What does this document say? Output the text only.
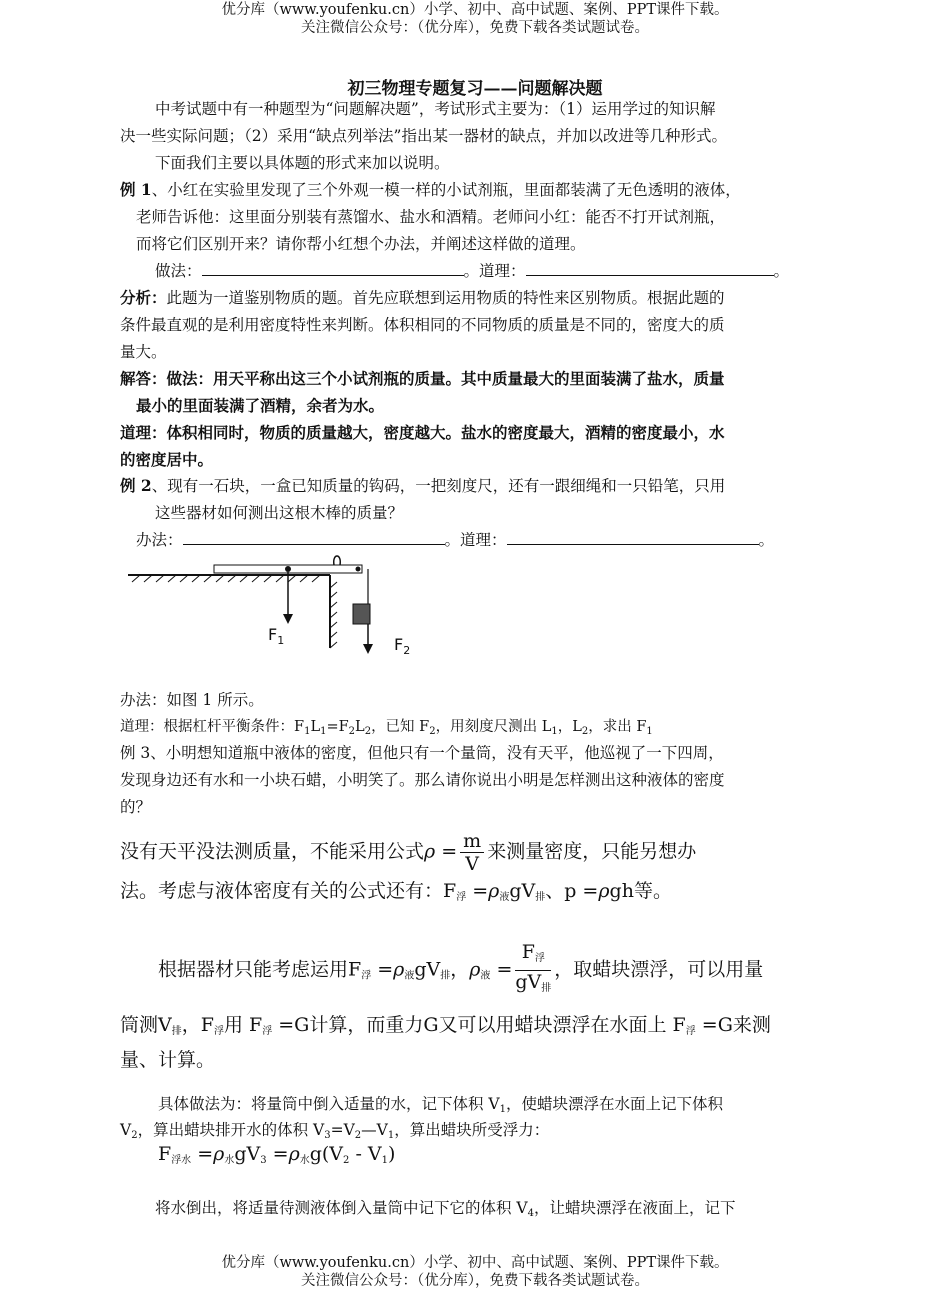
优分库（www.youfenku.cn）小学、初中、高中试题、案例、PPT课件下载。
关注微信公众号：（优分库），免费下载各类试题试卷。
初三物理专题复习——问题解决题
中考试题中有一种题型为“问题解决题”，考试形式主要为：（1）运用学过的知识解
决一些实际问题；（2）采用“缺点列举法”指出某一器材的缺点，并加以改进等几种形式。
下面我们主要以具体题的形式来加以说明。
例 1、小红在实验里发现了三个外观一模一样的小试剂瓶，里面都装满了无色透明的液体，
老师告诉他：这里面分别装有蒸馏水、盐水和酒精。老师问小红：能否不打开试剂瓶，
而将它们区别开来？请你帮小红想个办法，并阐述这样做的道理。
做法：	。道理：	。
分析：此题为一道鉴别物质的题。首先应联想到运用物质的特性来区别物质。根据此题的
条件最直观的是利用密度特性来判断。体积相同的不同物质的质量是不同的，密度大的质
量大。
解答：做法：用天平称出这三个小试剂瓶的质量。其中质量最大的里面装满了盐水，质量
最小的里面装满了酒精，余者为水。
道理：体积相同时，物质的质量越大，密度越大。盐水的密度最大，酒精的密度最小，水
的密度居中。
例 2、现有一石块，一盒已知质量的钩码，一把刻度尺，还有一跟细绳和一只铅笔，只用
这些器材如何测出这根木棒的质量？
办法：	。道理：	。
$F_1$	$F_2$
办法：如图 1 所示。
道理：根据杠杆平衡条件：$F_1L_1=F_2L_2$，已知 $F_2$，用刻度尺测出 $L_1$，$L_2$，求出 $F_1$
例 3、小明想知道瓶中液体的密度，但他只有一个量筒，没有天平，他巡视了一下四周，
发现身边还有水和一小块石蜡，小明笑了。那么请你说出小明是怎样测出这种液体的密度
的？
没有天平没法测质量，不能采用公式$\rho = \frac{m}{V}$ 来测量密度，只能另想办
法。考虑与液体密度有关的公式还有：$F_浮 =\rho_液gV_排$、p =ρgh等。
根据器材只能考虑运用$F_浮 =\rho_液gV_排$，$\rho_液 = \frac{F_浮}{gV_排}$ ，取蜡块漂浮，可以用量
筒测$V_排$，$F_浮$用 $F_浮 =G$计算，而重力G又可以用蜡块漂浮在水面上 $F_浮 =G$来测
量、计算。
具体做法为：将量筒中倒入适量的水，记下体积 $V_1$，使蜡块漂浮在水面上记下体积
$V_2$，算出蜡块排开水的体积 $V_3=V_2—V_1$，算出蜡块所受浮力：
$F_{浮水} =\rho_水gV_3 =\rho_水g(V_2 - V_1)$
将水倒出，将适量待测液体倒入量筒中记下它的体积 $V_4$，让蜡块漂浮在液面上，记下
优分库（www.youfenku.cn）小学、初中、高中试题、案例、PPT课件下载。
关注微信公众号：（优分库），免费下载各类试题试卷。
